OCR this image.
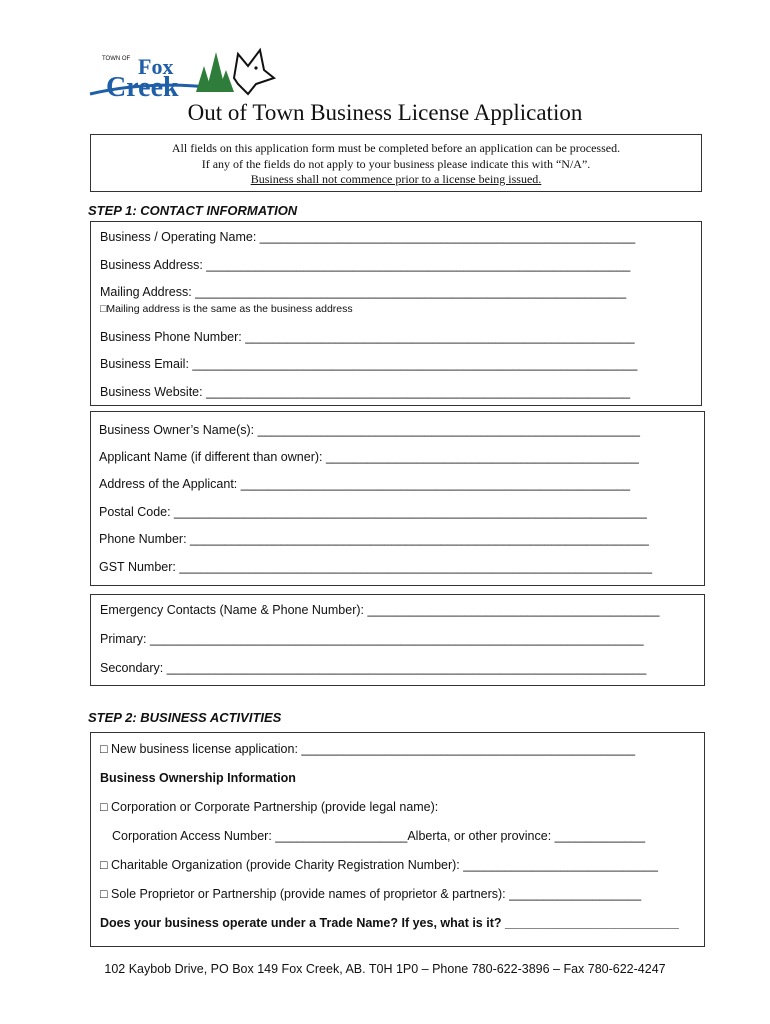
TOWN OF Fox
Creek
Out of Town Business License Application
All fields on this application form must be completed before an application can be processed.
If any of the fields do not apply to your business please indicate this with “N/A”.
Business shall not commence prior to a license being issued.
STEP 1: CONTACT INFORMATION
Business / Operating Name: ______________________________________________________
Business Address: _____________________________________________________________
Mailing Address: ______________________________________________________________
□Mailing address is the same as the business address
Business Phone Number: ________________________________________________________
Business Email: ________________________________________________________________
Business Website: _____________________________________________________________
Business Owner’s Name(s): _______________________________________________________
Applicant Name (if different than owner): _____________________________________________
Address of the Applicant: ________________________________________________________
Postal Code: ____________________________________________________________________
Phone Number: __________________________________________________________________
GST Number: ____________________________________________________________________
Emergency Contacts (Name & Phone Number): __________________________________________
Primary: _______________________________________________________________________
Secondary: _____________________________________________________________________
STEP 2: BUSINESS ACTIVITIES
□ New business license application: ________________________________________________
Business Ownership Information
□ Corporation or Corporate Partnership (provide legal name):
Corporation Access Number: ___________________Alberta, or other province: _____________
□ Charitable Organization (provide Charity Registration Number): ____________________________
□ Sole Proprietor or Partnership (provide names of proprietor & partners): ___________________
Does your business operate under a Trade Name? If yes, what is it? _________________________
102 Kaybob Drive, PO Box 149 Fox Creek, AB. T0H 1P0 – Phone 780-622-3896 – Fax 780-622-4247
